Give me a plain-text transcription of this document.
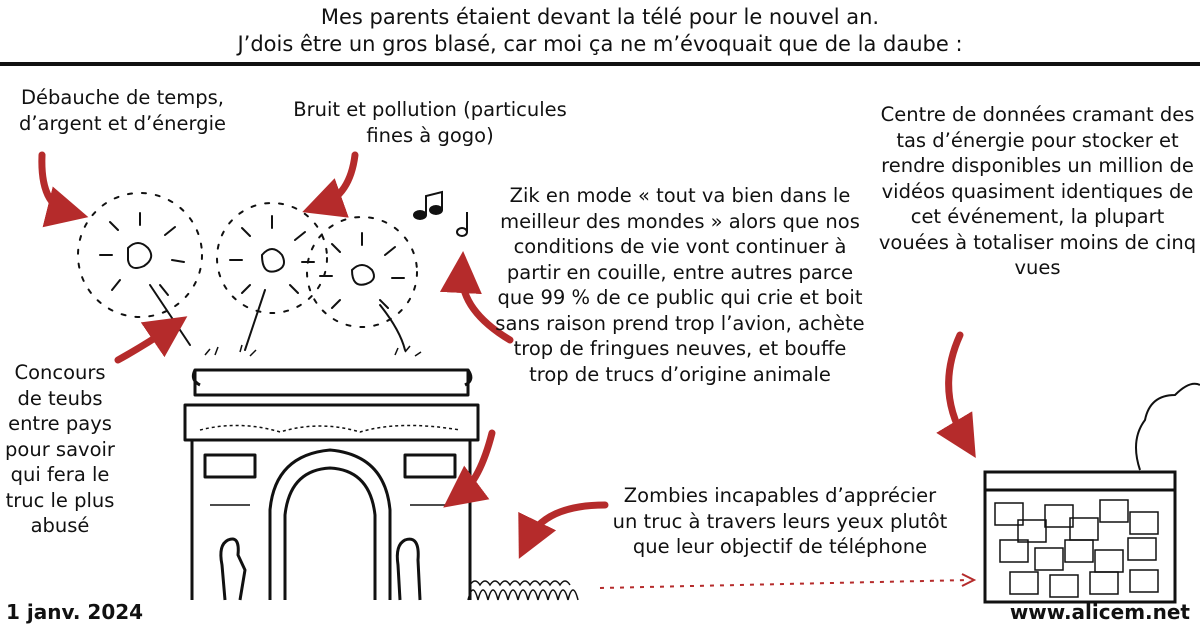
Mes parents étaient devant la télé pour le nouvel an.
J’dois être un gros blasé, car moi ça ne m’évoquait que de la daube :
Débauche de temps, d’argent et d’énergie
Bruit et pollution (particules fines à gogo)
Zik en mode « tout va bien dans le meilleur des mondes » alors que nos conditions de vie vont continuer à partir en couille, entre autres parce que 99 % de ce public qui crie et boit sans raison prend trop l’avion, achète trop de fringues neuves, et bouffe trop de trucs d’origine animale
Centre de données cramant des tas d’énergie pour stocker et rendre disponibles un million de vidéos quasiment identiques de cet événement, la plupart vouées à totaliser moins de cinq vues
Concours de teubs entre pays pour savoir qui fera le truc le plus abusé
Zombies incapables d’apprécier un truc à travers leurs yeux plutôt que leur objectif de téléphone
1 janv. 2024	www.alicem.net
